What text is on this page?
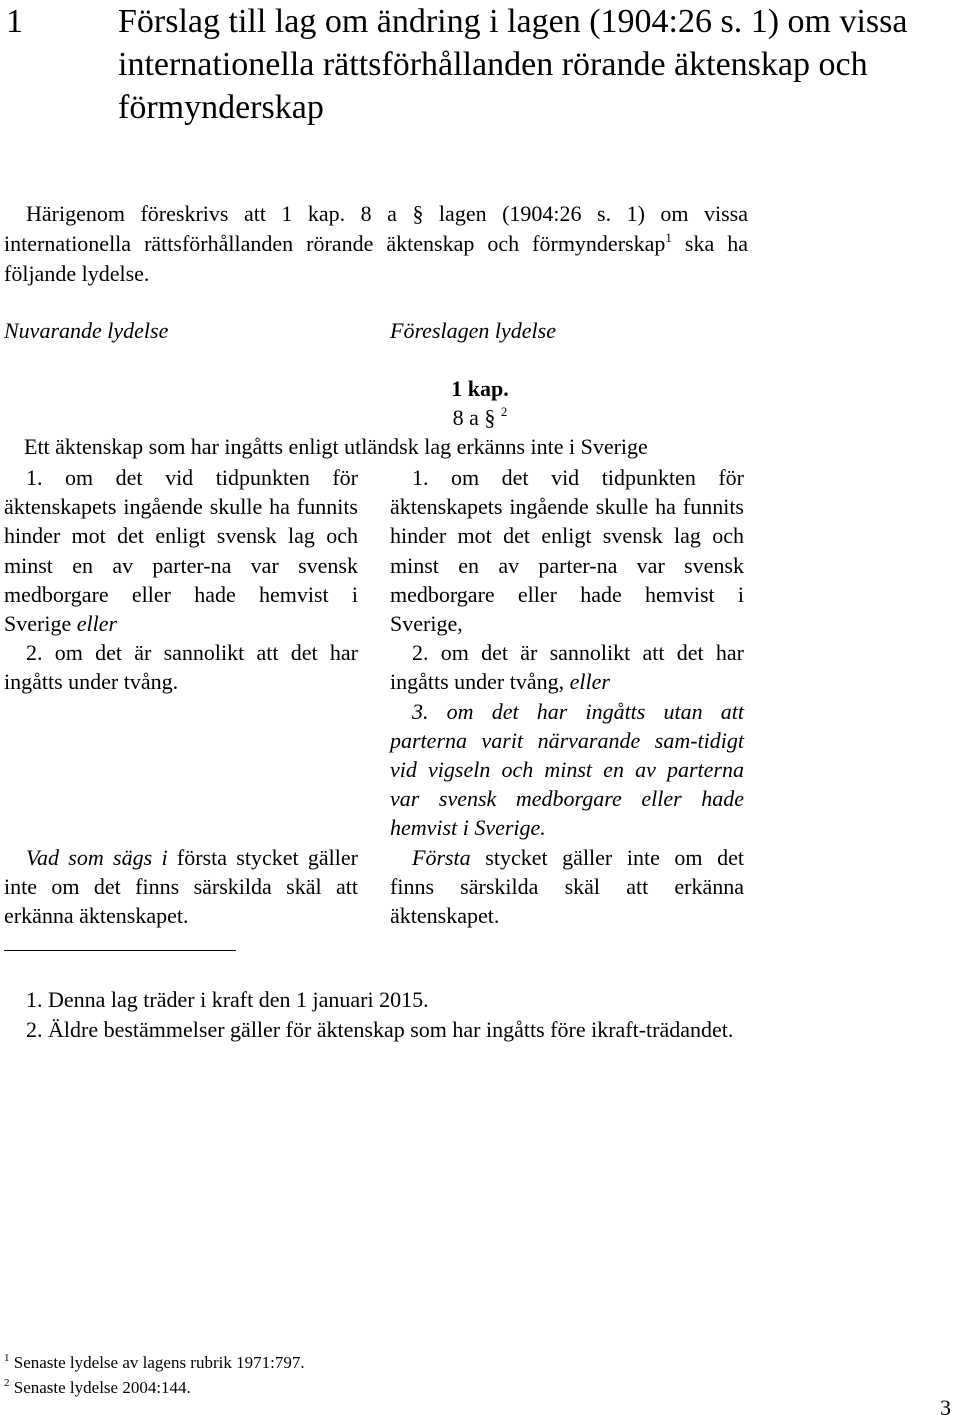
1	Förslag till lag om ändring i lagen (1904:26 s. 1) om vissa internationella rättsförhållanden rörande äktenskap och förmynderskap

Härigenom föreskrivs att 1 kap. 8 a § lagen (1904:26 s. 1) om vissa internationella rättsförhållanden rörande äktenskap och förmynderskap$^1$ ska ha följande lydelse.

Nuvarande lydelse	Föreslagen lydelse
1 kap.
8 a § $^2$
Ett äktenskap som har ingåtts enligt utländsk lag erkänns inte i Sverige

1. om det vid tidpunkten för äktenskapets ingående skulle ha funnits hinder mot det enligt svensk lag och minst en av parter-na var svensk medborgare eller hade hemvist i Sverige eller

2. om det är sannolikt att det har ingåtts under tvång.

Vad som sägs i första stycket gäller inte om det finns särskilda skäl att erkänna äktenskapet.

1. om det vid tidpunkten för äktenskapets ingående skulle ha funnits hinder mot det enligt svensk lag och minst en av parter-na var svensk medborgare eller hade hemvist i Sverige,

2. om det är sannolikt att det har ingåtts under tvång, eller

3. om det har ingåtts utan att parterna varit närvarande sam-tidigt vid vigseln och minst en av parterna var svensk medborgare eller hade hemvist i Sverige.

Första stycket gäller inte om det finns särskilda skäl att erkänna äktenskapet.

1. Denna lag träder i kraft den 1 januari 2015.

2. Äldre bestämmelser gäller för äktenskap som har ingåtts före ikraft-trädandet.

$^1$ Senaste lydelse av lagens rubrik 1971:797.

$^2$ Senaste lydelse 2004:144.

3
